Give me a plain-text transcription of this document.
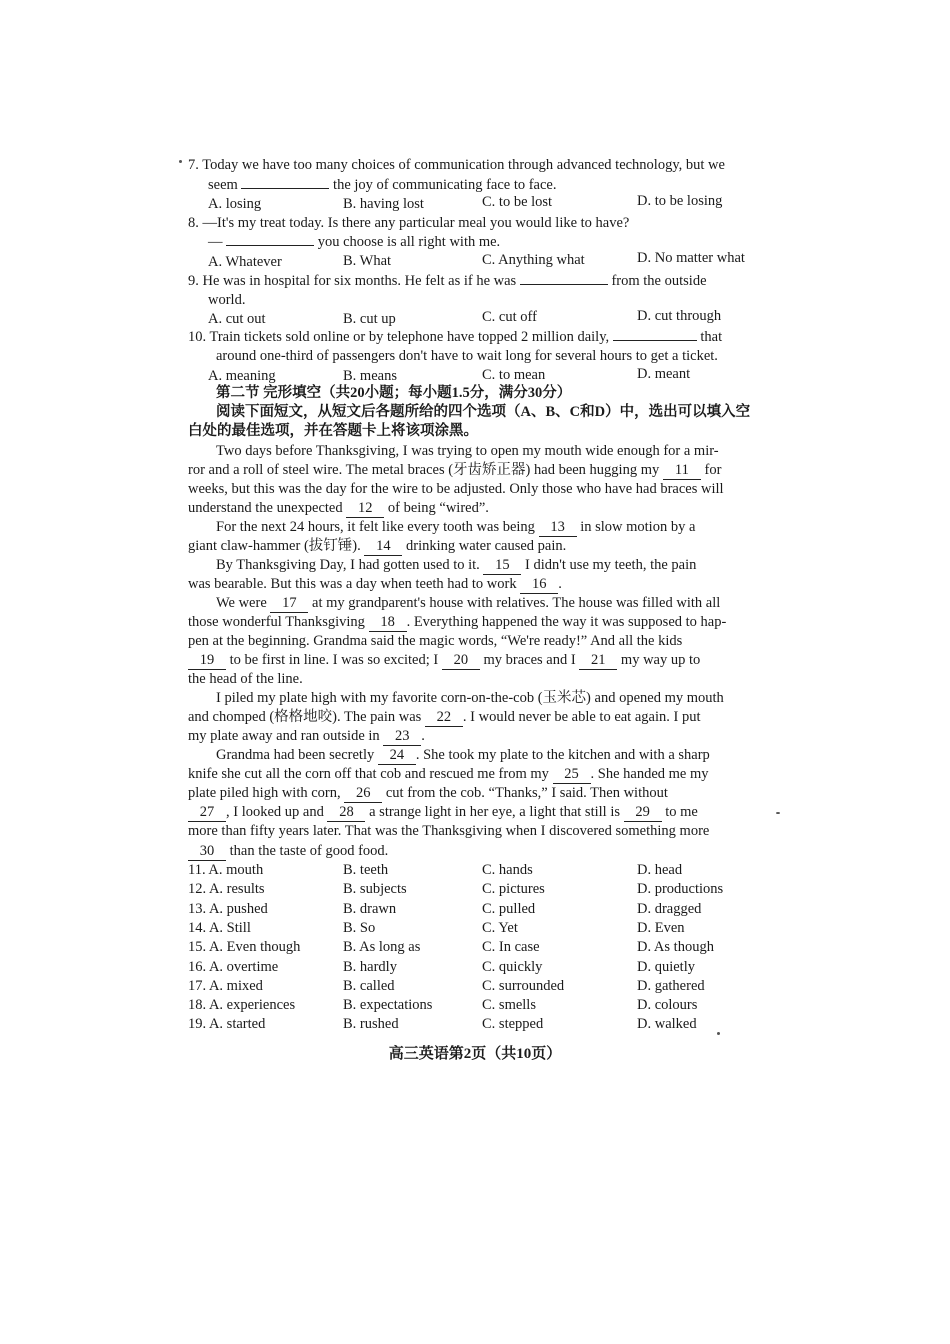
7. Today we have too many choices of communication through advanced technology, but we
seem	the joy of communicating face to face.
A. losing	B. having lost	C. to be lost	D. to be losing
8. —It's my treat today. Is there any particular meal you would like to have?
—	you choose is all right with me.
A. Whatever	B. What	C. Anything what	D. No matter what
9. He was in hospital for six months. He felt as if he was	from the outside
world.
A. cut out	B. cut up	C. cut off	D. cut through
10. Train tickets sold online or by telephone have topped 2 million daily,	that
around one-third of passengers don't have to wait long for several hours to get a ticket.
A. meaning	B. means	C. to mean	D. meant
第二节 完形填空（共20小题；每小题1.5分，满分30分）
阅读下面短文，从短文后各题所给的四个选项（A、B、C和D）中，选出可以填入空
白处的最佳选项，并在答题卡上将该项涂黑。
Two days before Thanksgiving, I was trying to open my mouth wide enough for a mir-
ror and a roll of steel wire. The metal braces (牙齿矫正器) had been hugging my 11 for
weeks, but this was the day for the wire to be adjusted. Only those who have had braces will
understand the unexpected 12 of being “wired”.
For the next 24 hours, it felt like every tooth was being 13 in slow motion by a
giant claw-hammer (拔钉锤). 14 drinking water caused pain.
By Thanksgiving Day, I had gotten used to it. 15 I didn't use my teeth, the pain
was bearable. But this was a day when teeth had to work 16 .
We were 17 at my grandparent's house with relatives. The house was filled with all
those wonderful Thanksgiving 18 . Everything happened the way it was supposed to hap-
pen at the beginning. Grandma said the magic words, “We're ready!” And all the kids
19 to be first in line. I was so excited; I 20 my braces and I 21 my way up to
the head of the line.
I piled my plate high with my favorite corn-on-the-cob (玉米芯) and opened my mouth
and chomped (格格地咬). The pain was 22 . I would never be able to eat again. I put
my plate away and ran outside in 23 .
Grandma had been secretly 24 . She took my plate to the kitchen and with a sharp
knife she cut all the corn off that cob and rescued me from my 25 . She handed me my
plate piled high with corn, 26 cut from the cob. “Thanks,” I said. Then without
27 , I looked up and 28 a strange light in her eye, a light that still is 29 to me
more than fifty years later. That was the Thanksgiving when I discovered something more
30 than the taste of good food.
11. A. mouth	B. teeth	C. hands	D. head
12. A. results	B. subjects	C. pictures	D. productions
13. A. pushed	B. drawn	C. pulled	D. dragged
14. A. Still	B. So	C. Yet	D. Even
15. A. Even though	B. As long as	C. In case	D. As though
16. A. overtime	B. hardly	C. quickly	D. quietly
17. A. mixed	B. called	C. surrounded	D. gathered
18. A. experiences	B. expectations	C. smells	D. colours
19. A. started	B. rushed	C. stepped	D. walked
高三英语第2页（共10页）
